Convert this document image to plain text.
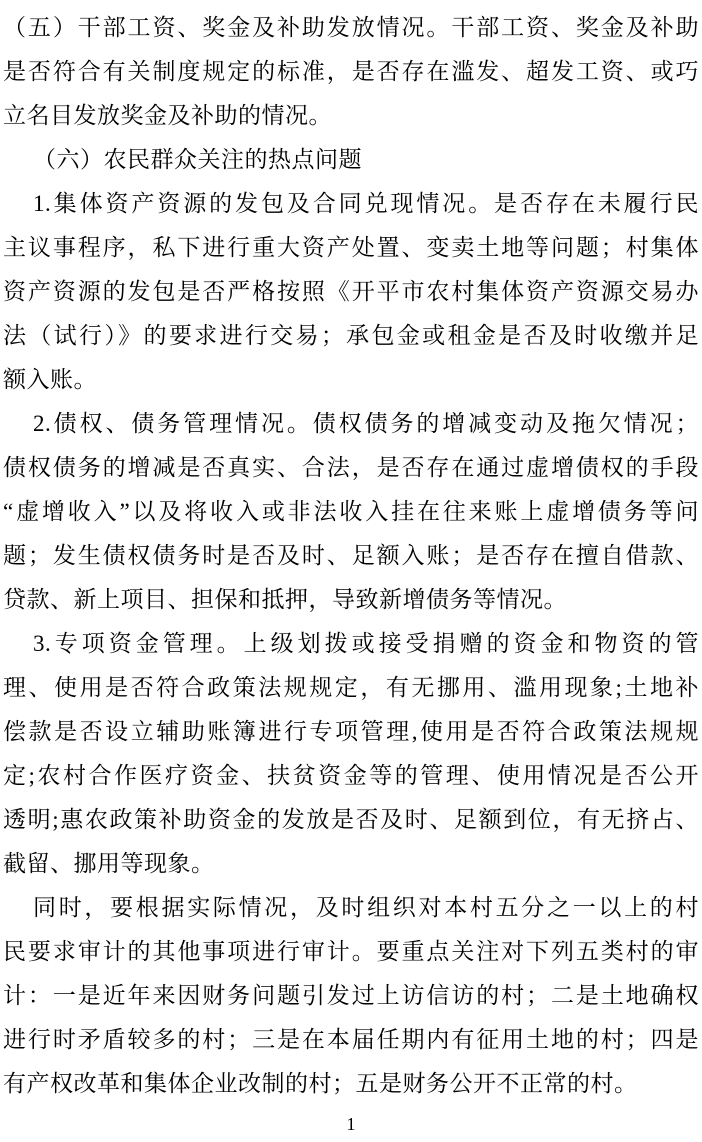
（五）干部工资、奖金及补助发放情况。干部工资、奖金及补助
是否符合有关制度规定的标准，是否存在滥发、超发工资、或巧
立名目发放奖金及补助的情况。

（六）农民群众关注的热点问题

1.集体资产资源的发包及合同兑现情况。是否存在未履行民
主议事程序，私下进行重大资产处置、变卖土地等问题；村集体
资产资源的发包是否严格按照《开平市农村集体资产资源交易办
法（试行）》的要求进行交易；承包金或租金是否及时收缴并足
额入账。

2.债权、债务管理情况。债权债务的增减变动及拖欠情况；
债权债务的增减是否真实、合法，是否存在通过虚增债权的手段
“虚增收入”以及将收入或非法收入挂在往来账上虚增债务等问
题；发生债权债务时是否及时、足额入账；是否存在擅自借款、
贷款、新上项目、担保和抵押，导致新增债务等情况。

3.专项资金管理。上级划拨或接受捐赠的资金和物资的管
理、使用是否符合政策法规规定，有无挪用、滥用现象;土地补
偿款是否设立辅助账簿进行专项管理,使用是否符合政策法规规
定;农村合作医疗资金、扶贫资金等的管理、使用情况是否公开
透明;惠农政策补助资金的发放是否及时、足额到位，有无挤占、
截留、挪用等现象。

同时，要根据实际情况，及时组织对本村五分之一以上的村
民要求审计的其他事项进行审计。要重点关注对下列五类村的审
计：一是近年来因财务问题引发过上访信访的村；二是土地确权
进行时矛盾较多的村；三是在本届任期内有征用土地的村；四是
有产权改革和集体企业改制的村；五是财务公开不正常的村。

1
